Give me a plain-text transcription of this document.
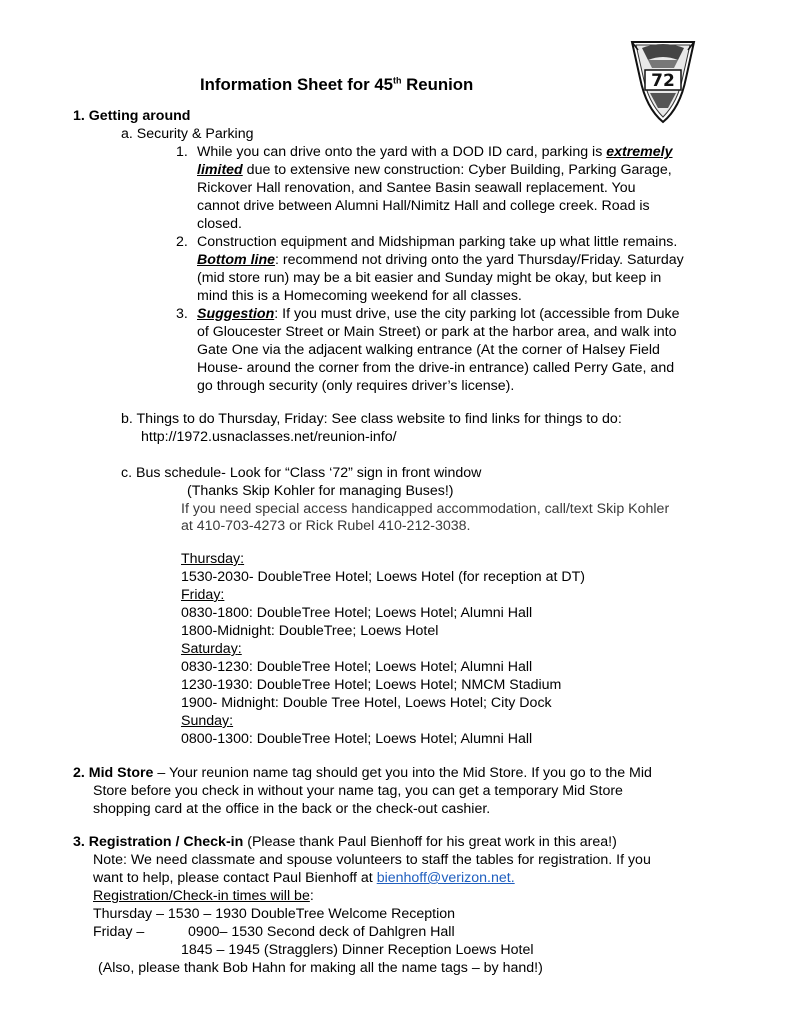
72
Information Sheet for 45th Reunion
1. Getting around
a. Security & Parking
1. While you can drive onto the yard with a DOD ID card, parking is extremely
limited due to extensive new construction: Cyber Building, Parking Garage,
Rickover Hall renovation, and Santee Basin seawall replacement. You
cannot drive between Alumni Hall/Nimitz Hall and college creek. Road is
closed.
2. Construction equipment and Midshipman parking take up what little remains.
Bottom line: recommend not driving onto the yard Thursday/Friday. Saturday
(mid store run) may be a bit easier and Sunday might be okay, but keep in
mind this is a Homecoming weekend for all classes.
3. Suggestion: If you must drive, use the city parking lot (accessible from Duke
of Gloucester Street or Main Street) or park at the harbor area, and walk into
Gate One via the adjacent walking entrance (At the corner of Halsey Field
House- around the corner from the drive-in entrance) called Perry Gate, and
go through security (only requires driver’s license).
b. Things to do Thursday, Friday: See class website to find links for things to do:
http://1972.usnaclasses.net/reunion-info/
c. Bus schedule- Look for “Class ‘72” sign in front window
(Thanks Skip Kohler for managing Buses!)
If you need special access handicapped accommodation, call/text Skip Kohler
at 410-703-4273 or Rick Rubel 410-212-3038.
Thursday:
1530-2030- DoubleTree Hotel; Loews Hotel (for reception at DT)
Friday:
0830-1800: DoubleTree Hotel; Loews Hotel; Alumni Hall
1800-Midnight: DoubleTree; Loews Hotel
Saturday:
0830-1230: DoubleTree Hotel; Loews Hotel; Alumni Hall
1230-1930: DoubleTree Hotel; Loews Hotel; NMCM Stadium
1900- Midnight: Double Tree Hotel, Loews Hotel; City Dock
Sunday:
0800-1300: DoubleTree Hotel; Loews Hotel; Alumni Hall
2. Mid Store – Your reunion name tag should get you into the Mid Store. If you go to the Mid
Store before you check in without your name tag, you can get a temporary Mid Store
shopping card at the office in the back or the check-out cashier.
3. Registration / Check-in (Please thank Paul Bienhoff for his great work in this area!)
Note: We need classmate and spouse volunteers to staff the tables for registration. If you
want to help, please contact Paul Bienhoff at bienhoff@verizon.net.
Registration/Check-in times will be:
Thursday – 1530 – 1930 DoubleTree Welcome Reception
Friday –	0900– 1530 Second deck of Dahlgren Hall
1845 – 1945 (Stragglers) Dinner Reception Loews Hotel
(Also, please thank Bob Hahn for making all the name tags – by hand!)
